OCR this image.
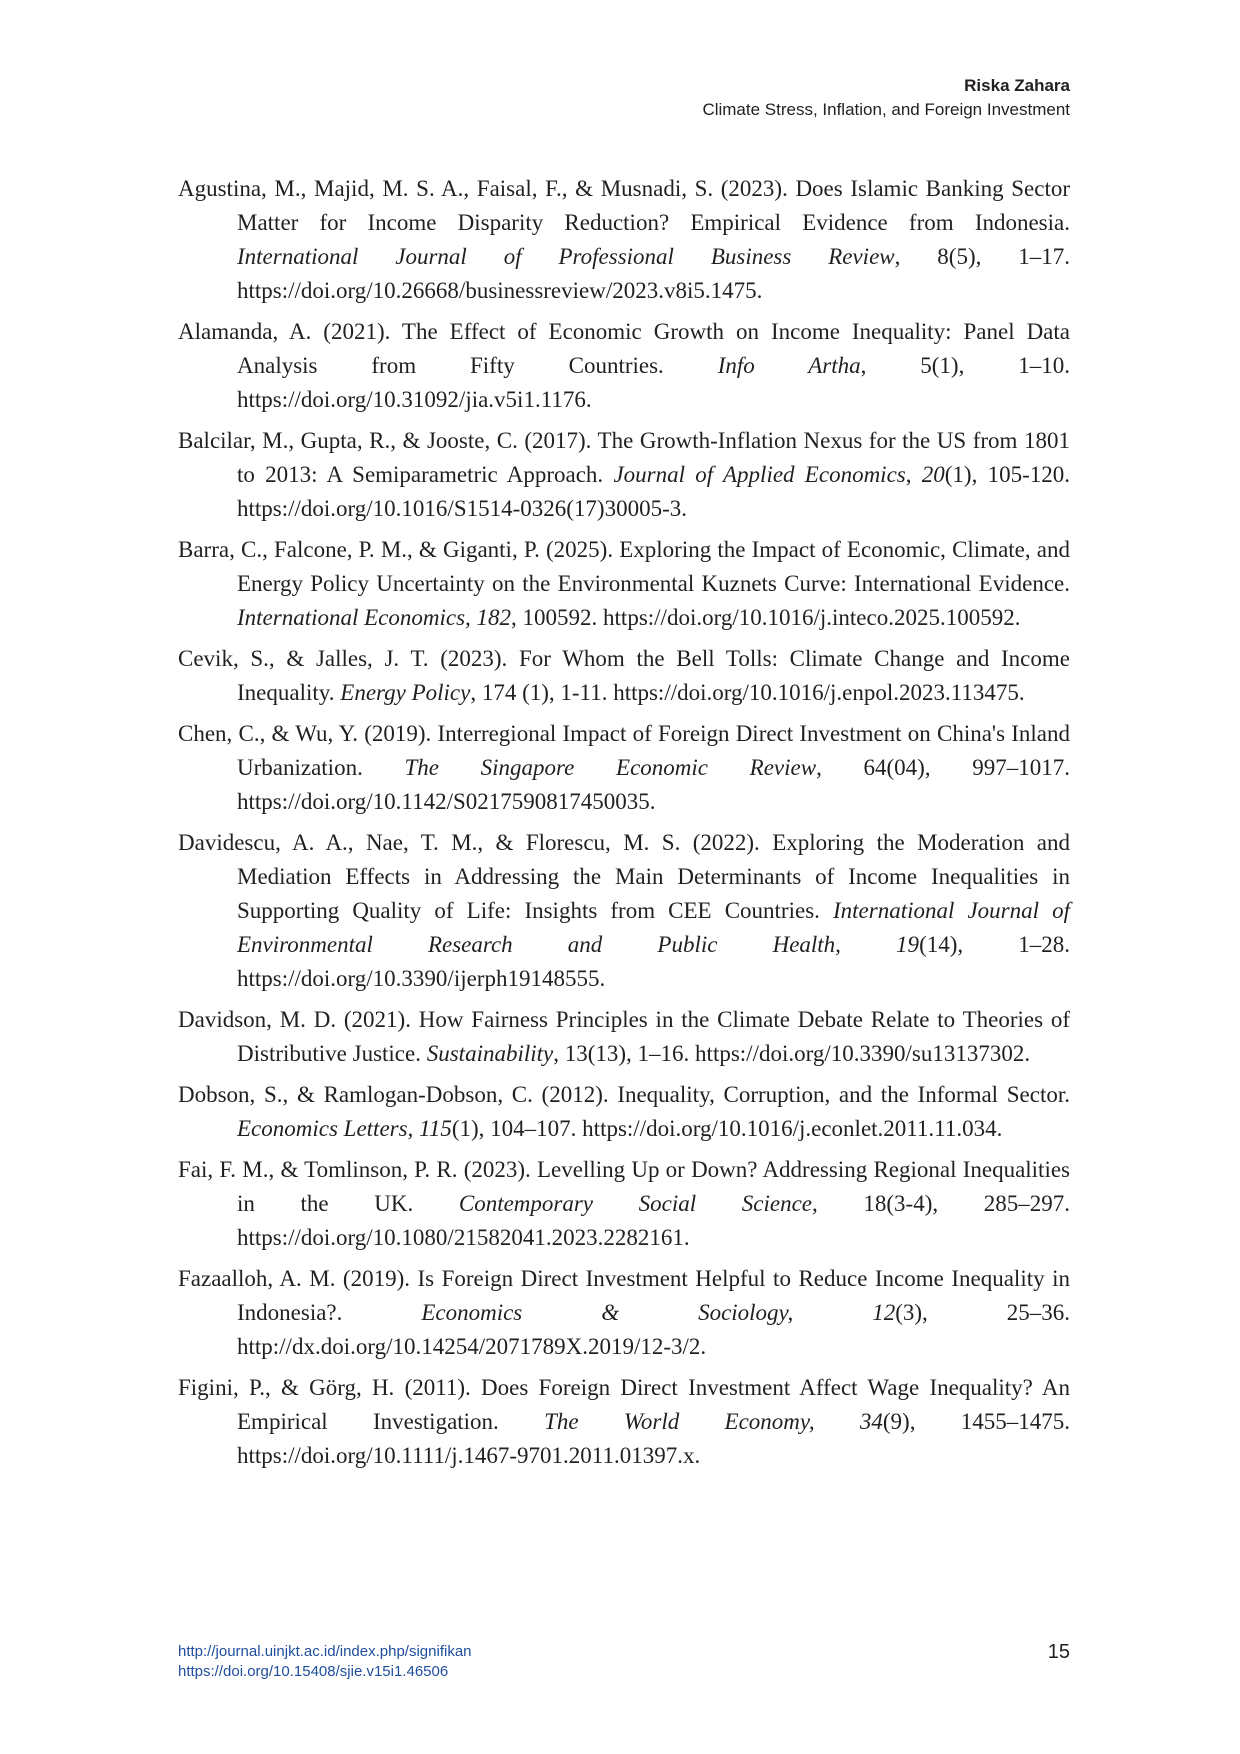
Riska Zahara
Climate Stress, Inflation, and Foreign Investment
Agustina, M., Majid, M. S. A., Faisal, F., & Musnadi, S. (2023). Does Islamic Banking Sector Matter for Income Disparity Reduction? Empirical Evidence from Indonesia. International Journal of Professional Business Review, 8(5), 1–17. https://doi.org/10.26668/businessreview/2023.v8i5.1475.
Alamanda, A. (2021). The Effect of Economic Growth on Income Inequality: Panel Data Analysis from Fifty Countries. Info Artha, 5(1), 1–10. https://doi.org/10.31092/jia.v5i1.1176.
Balcilar, M., Gupta, R., & Jooste, C. (2017). The Growth-Inflation Nexus for the US from 1801 to 2013: A Semiparametric Approach. Journal of Applied Economics, 20(1), 105-120. https://doi.org/10.1016/S1514-0326(17)30005-3.
Barra, C., Falcone, P. M., & Giganti, P. (2025). Exploring the Impact of Economic, Climate, and Energy Policy Uncertainty on the Environmental Kuznets Curve: International Evidence. International Economics, 182, 100592. https://doi.org/10.1016/j.inteco.2025.100592.
Cevik, S., & Jalles, J. T. (2023). For Whom the Bell Tolls: Climate Change and Income Inequality. Energy Policy, 174 (1), 1-11. https://doi.org/10.1016/j.enpol.2023.113475.
Chen, C., & Wu, Y. (2019). Interregional Impact of Foreign Direct Investment on China's Inland Urbanization. The Singapore Economic Review, 64(04), 997–1017. https://doi.org/10.1142/S0217590817450035.
Davidescu, A. A., Nae, T. M., & Florescu, M. S. (2022). Exploring the Moderation and Mediation Effects in Addressing the Main Determinants of Income Inequalities in Supporting Quality of Life: Insights from CEE Countries. International Journal of Environmental Research and Public Health, 19(14), 1–28. https://doi.org/10.3390/ijerph19148555.
Davidson, M. D. (2021). How Fairness Principles in the Climate Debate Relate to Theories of Distributive Justice. Sustainability, 13(13), 1–16. https://doi.org/10.3390/su13137302.
Dobson, S., & Ramlogan-Dobson, C. (2012). Inequality, Corruption, and the Informal Sector. Economics Letters, 115(1), 104–107. https://doi.org/10.1016/j.econlet.2011.11.034.
Fai, F. M., & Tomlinson, P. R. (2023). Levelling Up or Down? Addressing Regional Inequalities in the UK. Contemporary Social Science, 18(3-4), 285–297. https://doi.org/10.1080/21582041.2023.2282161.
Fazaalloh, A. M. (2019). Is Foreign Direct Investment Helpful to Reduce Income Inequality in Indonesia?. Economics & Sociology, 12(3), 25–36. http://dx.doi.org/10.14254/2071789X.2019/12-3/2.
Figini, P., & Görg, H. (2011). Does Foreign Direct Investment Affect Wage Inequality? An Empirical Investigation. The World Economy, 34(9), 1455–1475. https://doi.org/10.1111/j.1467-9701.2011.01397.x.
http://journal.uinjkt.ac.id/index.php/signifikan
https://doi.org/10.15408/sjie.v15i1.46506
15
